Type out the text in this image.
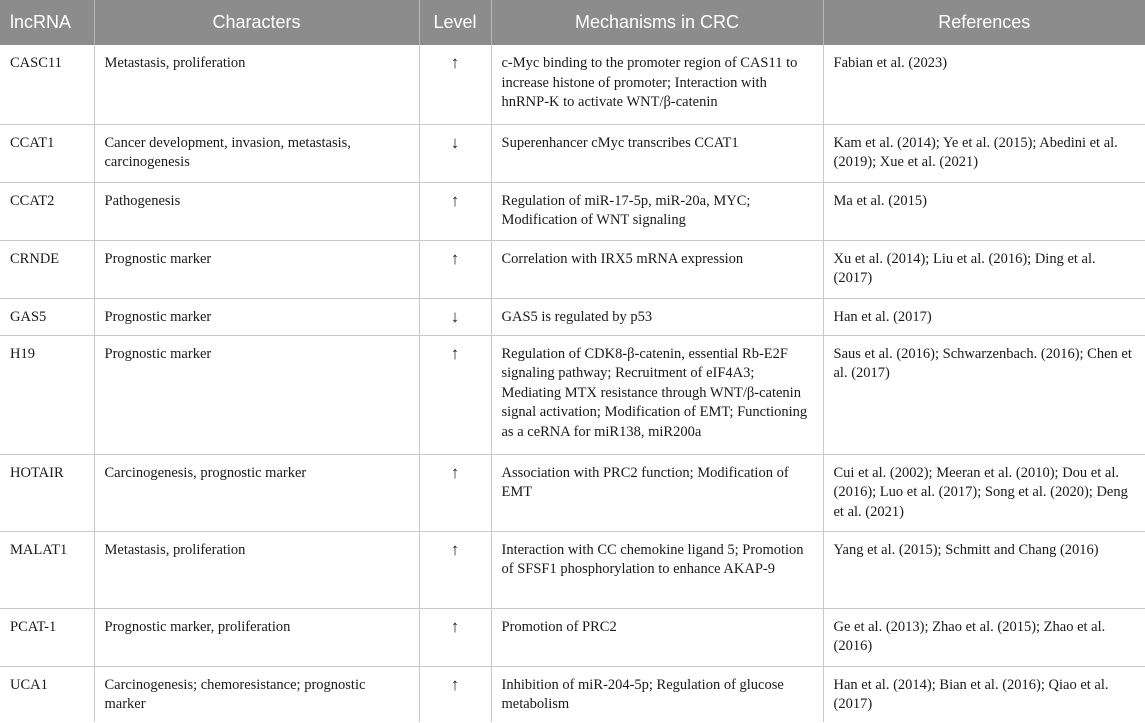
lncRNA	Characters	Level	Mechanisms in CRC	References
CASC11	Metastasis, proliferation	↑	c-Myc binding to the promoter region of CAS11 to increase histone of promoter; Interaction with hnRNP-K to activate WNT/β-catenin	Fabian et al. (2023)
CCAT1	Cancer development, invasion, metastasis, carcinogenesis	↓	Superenhancer cMyc transcribes CCAT1	Kam et al. (2014); Ye et al. (2015); Abedini et al. (2019); Xue et al. (2021)
CCAT2	Pathogenesis	↑	Regulation of miR-17-5p, miR-20a, MYC; Modification of WNT signaling	Ma et al. (2015)
CRNDE	Prognostic marker	↑	Correlation with IRX5 mRNA expression	Xu et al. (2014); Liu et al. (2016); Ding et al. (2017)
GAS5	Prognostic marker	↓	GAS5 is regulated by p53	Han et al. (2017)
H19	Prognostic marker	↑	Regulation of CDK8-β-catenin, essential Rb-E2F signaling pathway; Recruitment of eIF4A3; Mediating MTX resistance through WNT/β-catenin signal activation; Modification of EMT; Functioning as a ceRNA for miR138, miR200a	Saus et al. (2016); Schwarzenbach. (2016); Chen et al. (2017)
HOTAIR	Carcinogenesis, prognostic marker	↑	Association with PRC2 function; Modification of EMT	Cui et al. (2002); Meeran et al. (2010); Dou et al. (2016); Luo et al. (2017); Song et al. (2020); Deng et al. (2021)
MALAT1	Metastasis, proliferation	↑	Interaction with CC chemokine ligand 5; Promotion of SFSF1 phosphorylation to enhance AKAP-9	Yang et al. (2015); Schmitt and Chang (2016)
PCAT-1	Prognostic marker, proliferation	↑	Promotion of PRC2	Ge et al. (2013); Zhao et al. (2015); Zhao et al. (2016)
UCA1	Carcinogenesis; chemoresistance; prognostic marker	↑	Inhibition of miR-204-5p; Regulation of glucose metabolism	Han et al. (2014); Bian et al. (2016); Qiao et al. (2017)
